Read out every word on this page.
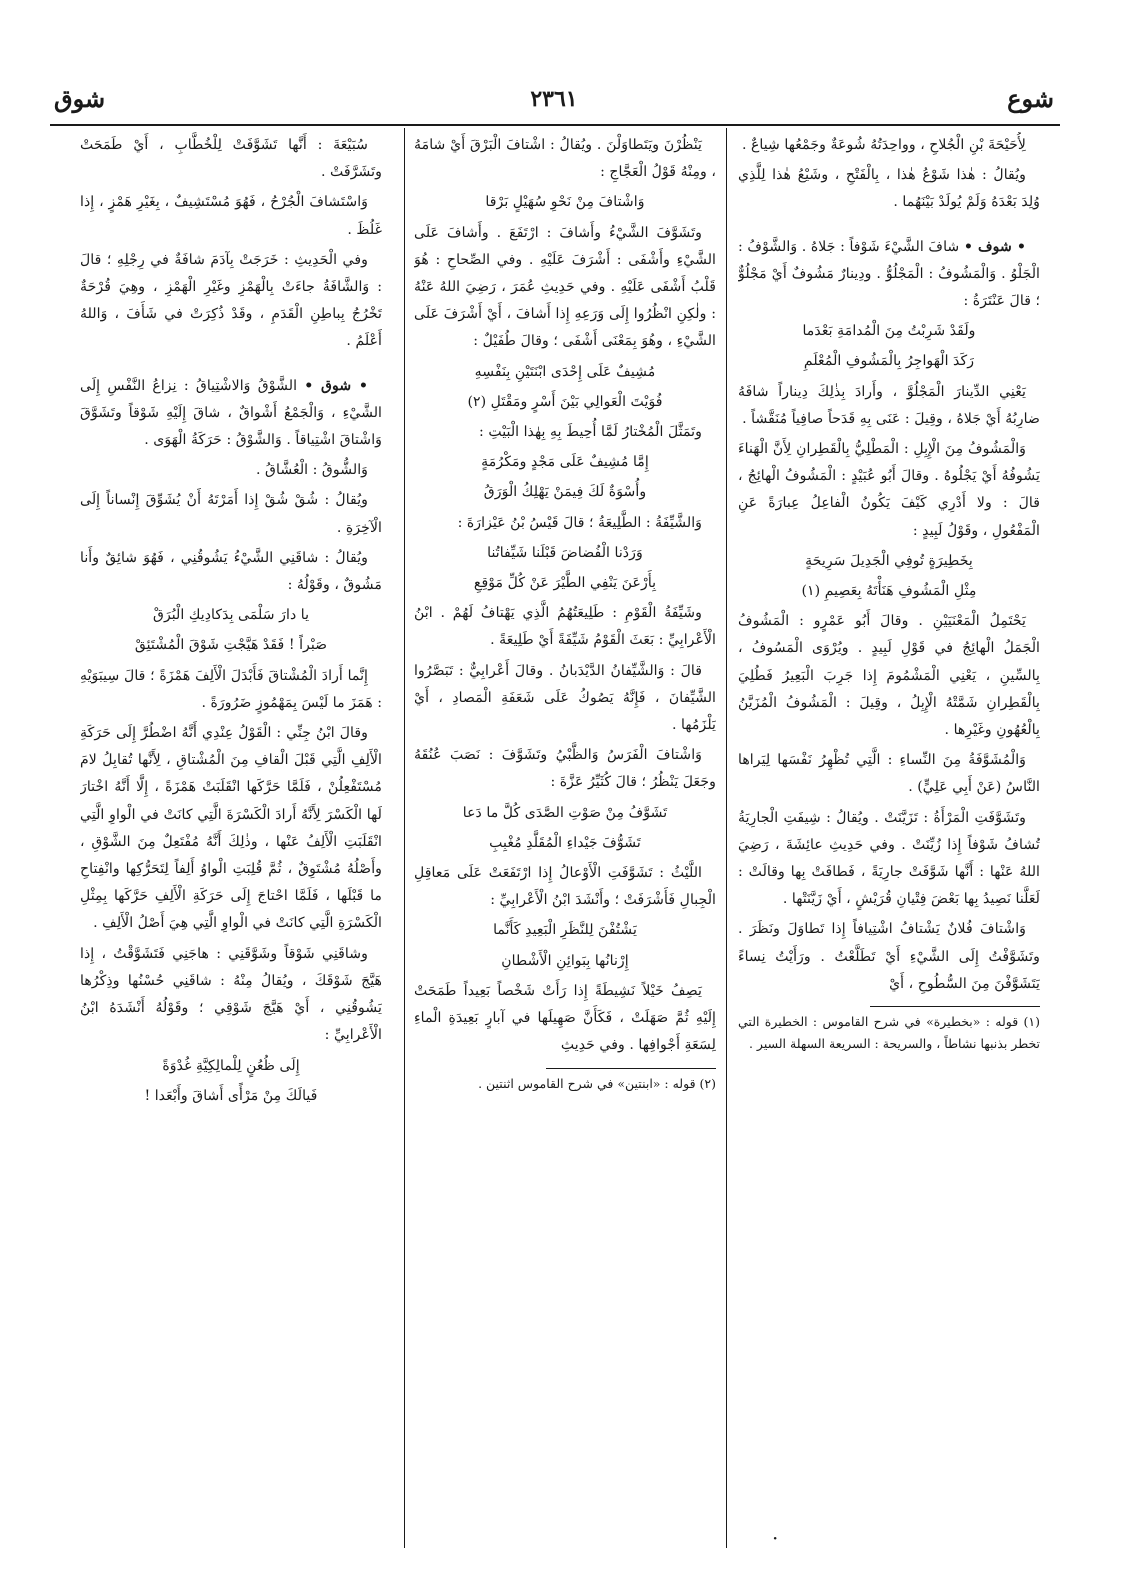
شوع
٢٣٦١
شوق

لِأُحَيْحَةَ بْنِ الْجُلاحِ ، وواحِدَتُهُ شُوعَةٌ وجَمْعُها شِياعٌ .

ويُقالُ : هٰذا شَوْعُ هٰذا ، بِالْفَتْحِ ، وشَيْعُ هٰذا لِلَّذِي وُلِدَ بَعْدَهُ وَلَمْ يُولَدْ بَيْنَهُما .

• شوف • شافَ الشَّيْءَ شَوْفاً : جَلاهُ . وَالشَّوْفُ : الْجَلْوُ . وَالْمَشُوفُ : الْمَجْلُوُّ . ودِينارٌ مَشُوفٌ أَيْ مَجْلُوٌّ ؛ قالَ عَنْتَرَةُ :

ولَقَدْ شَرِبْتُ مِنَ الْمُدامَةِ بَعْدَما

رَكَدَ الْهَواجِرُ بِالْمَشُوفِ الْمُعْلَمِ

يَعْنِي الدِّينارَ الْمَجْلُوَّ ، وأَرادَ بِذٰلِكَ دِيناراً شافَهُ ضارِبُهُ أَيْ جَلاهُ ، وقِيلَ : عَنَى بِهِ قَدَحاً صافِياً مُنَقَّشاً .

وَالْمَشُوفُ مِنَ الْإِبِلِ : الْمَطْلِيُّ بِالْقَطِرانِ لِأَنَّ الْهَناءَ يَشُوفُهُ أَيْ يَجْلُوهُ . وقالَ أَبُو عُبَيْدٍ : الْمَشُوفُ الْهائِجُ ، قالَ : ولا أَدْرِي كَيْفَ يَكُونُ الْفاعِلُ عِبارَةً عَنِ الْمَفْعُولِ ، وقَوْلُ لَبِيدٍ :

بِخَطِيرَةٍ تُوفِي الْجَدِيلَ سَرِيحَةٍ

مِثْلِ الْمَشُوفِ هَنَأْتَهُ بِعَصِيمِ (١)

يَحْتَمِلُ الْمَعْنَيَيْنِ . وقالَ أَبُو عَمْرٍو : الْمَشُوفُ الْجَمَلُ الْهائِجُ في قَوْلِ لَبِيدٍ . ويُرْوَى الْمَسُوفُ ، بِالسِّينِ ، يَعْنِي الْمَشْمُومَ إِذا جَرِبَ الْبَعِيرُ فَطُلِيَ بِالْقَطِرانِ شَمَّتْهُ الْإِبِلُ ، وقِيلَ : الْمَشُوفُ الْمُزَيَّنُ بِالْعُهُونِ وغَيْرِها .

وَالْمُشَوَّفَةُ مِنَ النِّساءِ : الَّتِي تُظْهِرُ نَفْسَها لِيَراها النَّاسُ (عَنْ أَبِي عَلِيٍّ) .

وتَشَوَّفَتِ الْمَرْأَةُ : تَزَيَّنَتْ . ويُقالُ : شِيفَتِ الْجارِيَةُ تُشافُ شَوْفاً إِذا زُيِّنَتْ . وفي حَدِيثِ عائِشَةَ ، رَضِيَ اللهُ عَنْها : أَنَّها شَوَّفَتْ جارِيَةً ، فَطافَتْ بِها وقالَتْ : لَعَلَّنا نَصِيدُ بِها بَعْضَ فِتْيانِ قُرَيْشٍ ، أَيْ زَيَّنَتْها .

وَاشْتافَ فُلانٌ يَشْتافُ اشْتِيافاً إِذا تَطاوَلَ ونَظَرَ . وتَشَوَّفْتُ إِلَى الشَّيْءِ أَيْ تَطَلَّعْتُ . ورَأَيْتُ نِساءً يَتَشَوَّفْنَ مِنَ السُّطُوحِ ، أَيْ

(١) قوله : «بخطيرة» في شرح القاموس : الخطيرة التي تخطر بذنبها نشاطاً ، والسريحة : السريعة السهلة السير .

يَنْظُرْنَ ويَتَطاوَلْنَ . ويُقالُ : اشْتافَ الْبَرْقَ أَيْ شامَهُ ، ومِنْهُ قَوْلُ الْعَجَّاجِ :

وَاشْتافَ مِنْ نَحْوِ سُهَيْلٍ بَرْقا

وتَشَوَّفَ الشَّيْءُ وأَشافَ : ارْتَفَعَ . وأَشافَ عَلَى الشَّيْءِ وأَشْفَى : أَشْرَفَ عَلَيْهِ . وفي الصِّحاحِ : هُوَ قَلْبُ أَشْفَى عَلَيْهِ . وفي حَدِيثِ عُمَرَ ، رَضِيَ اللهُ عَنْهُ : ولٰكِنِ انْظُرُوا إِلَى وَرَعِهِ إِذا أَشافَ ، أَيْ أَشْرَفَ عَلَى الشَّيْءِ ، وهُوَ بِمَعْنَى أَشْفَى ؛ وقالَ طُفَيْلٌ :

مُشِيفٌ عَلَى إِحْدَى ابْنَتَيْنِ بِنَفْسِهِ

فُوَيْتَ الْعَوالِي بَيْنَ أَسْرٍ ومَقْتَلِ (٢)

وتَمَثَّلَ الْمُخْتارُ لَمَّا أُحِيطَ بِهِ بِهٰذا الْبَيْتِ :

إِمَّا مُشِيفٌ عَلَى مَجْدٍ ومَكْرُمَةٍ

وأُسْوَةٌ لَكَ فِيمَنْ يَهْلِكُ الْوَرَقُ

وَالشَّيِّفَةُ : الطَّلِيعَةُ ؛ قالَ قَيْسُ بْنُ عَيْزارَةَ :

وَرَدْنا الْفُضاضَ قَبْلَنا شَيِّفاتُنا

بِأَرْعَنَ يَنْفِي الطَّيْرَ عَنْ كُلِّ مَوْقِعِ

وشَيِّفَةُ الْقَوْمِ : طَلِيعَتُهُمُ الَّذِي يَهْتافُ لَهُمْ . ابْنُ الْأَعْرابِيِّ : بَعَثَ الْقَوْمُ شَيِّفَةً أَيْ طَلِيعَةً .

قالَ : وَالشَّيِّفانُ الدَّيْدَبانُ . وقالَ أَعْرابِيٌّ : تَبَصَّرُوا الشَّيِّفانَ ، فَإِنَّهُ يَصُوكُ عَلَى شَعَفَةِ الْمَصادِ ، أَيْ يَلْزَمُها .

وَاشْتافَ الْفَرَسُ وَالظَّبْيُ وتَشَوَّفَ : نَصَبَ عُنُقَهُ وجَعَلَ يَنْظُرُ ؛ قالَ كُثَيِّرُ عَزَّةَ :

تَشَوَّفُ مِنْ صَوْتِ الصَّدَى كُلَّ ما دَعا

تَشَوُّفَ جَيْداءِ الْمُقَلَّدِ مُغْبِبِ

اللَّيْثُ : تَشَوَّفَتِ الْأَوْعالُ إِذا ارْتَفَعَتْ عَلَى مَعاقِلِ الْجِبالِ فَأَشْرَفَتْ ؛ وأَنْشَدَ ابْنُ الْأَعْرابِيِّ :

يَشْتُفْنَ لِلنَّظَرِ الْبَعِيدِ كَأَنَّما

إِرْنانُها بِبَوائِنِ الْأَشْطانِ

يَصِفُ خَيْلاً نَشِيطَةً إِذا رَأَتْ شَخْصاً بَعِيداً طَمَحَتْ إِلَيْهِ ثُمَّ صَهَلَتْ ، فَكَأَنَّ صَهِيلَها في آبارٍ بَعِيدَةِ الْماءِ لِسَعَةِ أَجْوافِها . وفي حَدِيثِ

(٢) قوله : «ابنتين» في شرح القاموس اثنتين .

سُبَيْعَةَ : أَنَّها تَشَوَّفَتْ لِلْخُطَّابِ ، أَيْ طَمَحَتْ وتَشَرَّفَتْ .

وَاسْتَشافَ الْجُرْحُ ، فَهُوَ مُسْتَشِيفٌ ، بِغَيْرِ هَمْزٍ ، إِذا غَلُظَ .

وفي الْحَدِيثِ : خَرَجَتْ بِآدَمَ شافَةٌ في رِجْلِهِ ؛ قالَ : وَالشَّافَةُ جاءَتْ بِالْهَمْزِ وغَيْرِ الْهَمْزِ ، وهِيَ قُرْحَةٌ تَخْرُجُ بِباطِنِ الْقَدَمِ ، وقَدْ ذُكِرَتْ في شَأَفَ ، وَاللهُ أَعْلَمُ .

• شوق • الشَّوْقُ وَالاشْتِياقُ : نِزاعُ النَّفْسِ إِلَى الشَّيْءِ ، وَالْجَمْعُ أَشْواقٌ ، شاقَ إِلَيْهِ شَوْقاً وتَشَوَّقَ وَاشْتاقَ اشْتِياقاً . وَالشَّوْقُ : حَرَكَةُ الْهَوَى .

وَالشُّوقُ : الْعُشَّاقُ .

ويُقالُ : شُقْ شُقْ إِذا أَمَرْتَهُ أَنْ يُشَوِّقَ إِنْساناً إِلَى الْآخِرَةِ .

ويُقالُ : شاقَنِي الشَّيْءُ يَشُوقُنِي ، فَهُوَ شائِقٌ وأَنا مَشُوقٌ ، وقَوْلُهُ :

يا دارَ سَلْمَى بِدَكادِيكِ الْبُرَقْ

صَبْراً ! فَقَدْ هَيَّجْتِ شَوْقَ الْمُشْتَئِقْ

إِنَّما أَرادَ الْمُشْتاقَ فَأَبْدَلَ الْأَلِفَ هَمْزَةً ؛ قالَ سِيبَوَيْهِ : هَمَزَ ما لَيْسَ بِمَهْمُوزٍ ضَرُورَةً .

وقالَ ابْنُ جِنِّي : الْقَوْلُ عِنْدِي أَنَّهُ اضْطُرَّ إِلَى حَرَكَةِ الْأَلِفِ الَّتِي قَبْلَ الْقافِ مِنَ الْمُشْتاقِ ، لِأَنَّها تُقابِلُ لامَ مُسْتَفْعِلُنْ ، فَلَمَّا حَرَّكَها انْقَلَبَتْ هَمْزَةً ، إِلَّا أَنَّهُ اخْتارَ لَها الْكَسْرَ لِأَنَّهُ أَرادَ الْكَسْرَةَ الَّتِي كانَتْ في الْواوِ الَّتِي انْقَلَبَتِ الْأَلِفُ عَنْها ، وذٰلِكَ أَنَّهُ مُفْتَعِلٌ مِنَ الشَّوْقِ ، وأَصْلُهُ مُشْتَوِقٌ ، ثُمَّ قُلِبَتِ الْواوُ أَلِفاً لِتَحَرُّكِها وانْفِتاحِ ما قَبْلَها ، فَلَمَّا احْتاجَ إِلَى حَرَكَةِ الْأَلِفِ حَرَّكَها بِمِثْلِ الْكَسْرَةِ الَّتِي كانَتْ في الْواوِ الَّتِي هِيَ أَصْلُ الْأَلِفِ .

وشاقَنِي شَوْقاً وشَوَّقَنِي : هاجَنِي فَتَشَوَّقْتُ ، إِذا هَيَّجَ شَوْقَكَ ، ويُقالُ مِنْهُ : شاقَنِي حُسْنُها وذِكْرُها يَشُوقُنِي ، أَيْ هَيَّجَ شَوْقِي ؛ وقَوْلُهُ أَنْشَدَهُ ابْنُ الْأَعْرابِيِّ :

إِلَى ظُعُنٍ لِلْمالِكِيَّةِ غُدْوَةً

فَيالَكَ مِنْ مَرْأًى أَشاقَ وأَبْعَدا !

·
